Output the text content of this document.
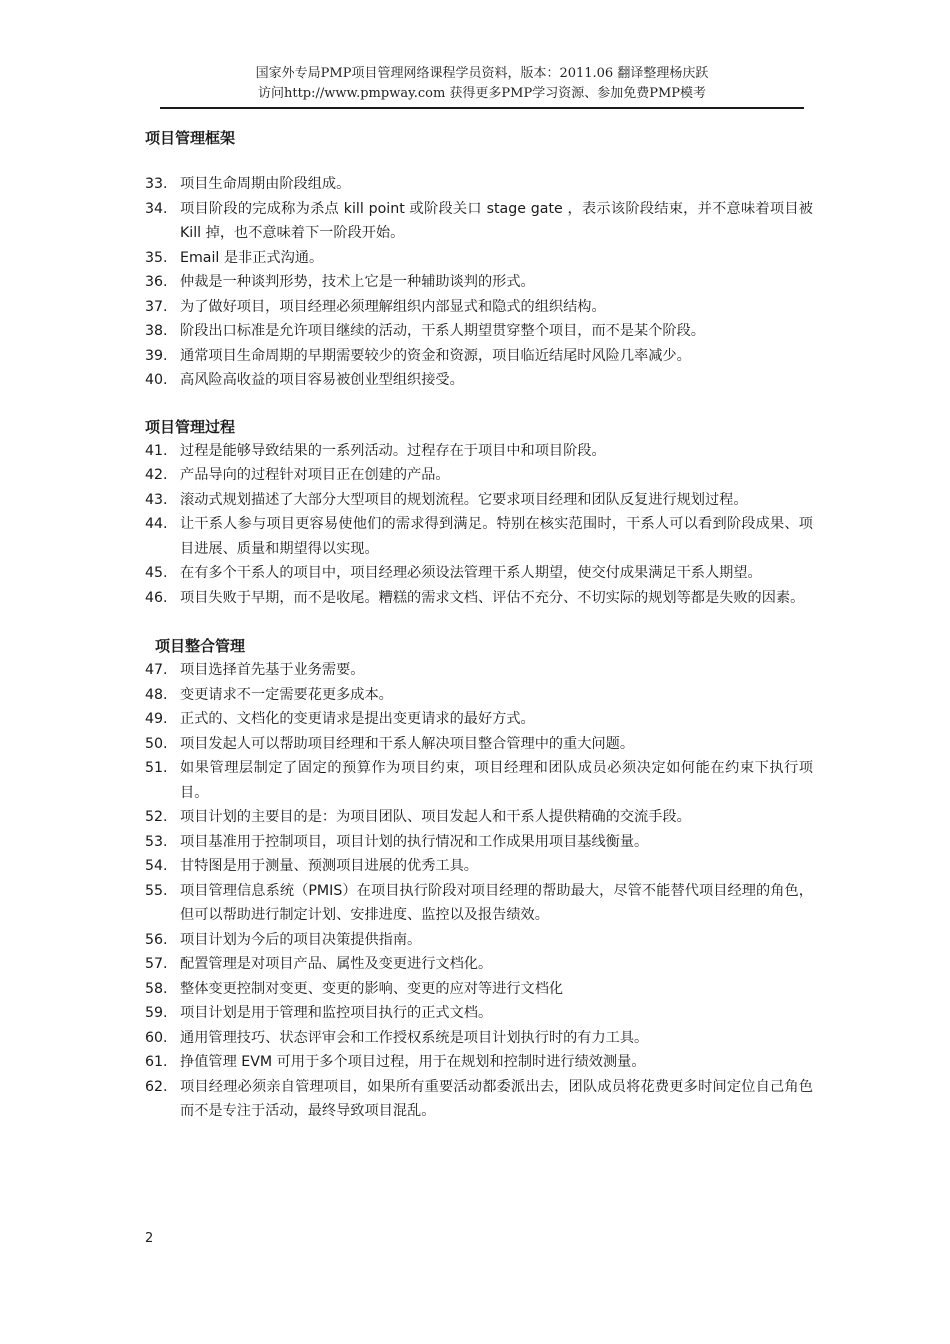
国家外专局PMP项目管理网络课程学员资料，版本：2011.06 翻译整理杨庆跃
访问http://www.pmpway.com 获得更多PMP学习资源、参加免费PMP模考
项目管理框架
33. 项目生命周期由阶段组成。
34. 项目阶段的完成称为杀点 kill point 或阶段关口 stage gate ，表示该阶段结束，并不意味着项目被 Kill 掉，也不意味着下一阶段开始。
35. Email 是非正式沟通。
36. 仲裁是一种谈判形势，技术上它是一种辅助谈判的形式。
37. 为了做好项目，项目经理必须理解组织内部显式和隐式的组织结构。
38. 阶段出口标准是允许项目继续的活动，干系人期望贯穿整个项目，而不是某个阶段。
39. 通常项目生命周期的早期需要较少的资金和资源，项目临近结尾时风险几率减少。
40. 高风险高收益的项目容易被创业型组织接受。
项目管理过程
41. 过程是能够导致结果的一系列活动。过程存在于项目中和项目阶段。
42. 产品导向的过程针对项目正在创建的产品。
43. 滚动式规划描述了大部分大型项目的规划流程。它要求项目经理和团队反复进行规划过程。
44. 让干系人参与项目更容易使他们的需求得到满足。特别在核实范围时，干系人可以看到阶段成果、项目进展、质量和期望得以实现。
45. 在有多个干系人的项目中，项目经理必须设法管理干系人期望，使交付成果满足干系人期望。
46. 项目失败于早期，而不是收尾。糟糕的需求文档、评估不充分、不切实际的规划等都是失败的因素。
项目整合管理
47. 项目选择首先基于业务需要。
48. 变更请求不一定需要花更多成本。
49. 正式的、文档化的变更请求是提出变更请求的最好方式。
50. 项目发起人可以帮助项目经理和干系人解决项目整合管理中的重大问题。
51. 如果管理层制定了固定的预算作为项目约束，项目经理和团队成员必须决定如何能在约束下执行项目。
52. 项目计划的主要目的是：为项目团队、项目发起人和干系人提供精确的交流手段。
53. 项目基准用于控制项目，项目计划的执行情况和工作成果用项目基线衡量。
54. 甘特图是用于测量、预测项目进展的优秀工具。
55. 项目管理信息系统（PMIS）在项目执行阶段对项目经理的帮助最大，尽管不能替代项目经理的角色，但可以帮助进行制定计划、安排进度、监控以及报告绩效。
56. 项目计划为今后的项目决策提供指南。
57. 配置管理是对项目产品、属性及变更进行文档化。
58. 整体变更控制对变更、变更的影响、变更的应对等进行文档化
59. 项目计划是用于管理和监控项目执行的正式文档。
60. 通用管理技巧、状态评审会和工作授权系统是项目计划执行时的有力工具。
61. 挣值管理 EVM 可用于多个项目过程，用于在规划和控制时进行绩效测量。
62. 项目经理必须亲自管理项目，如果所有重要活动都委派出去，团队成员将花费更多时间定位自己角色而不是专注于活动，最终导致项目混乱。
2
